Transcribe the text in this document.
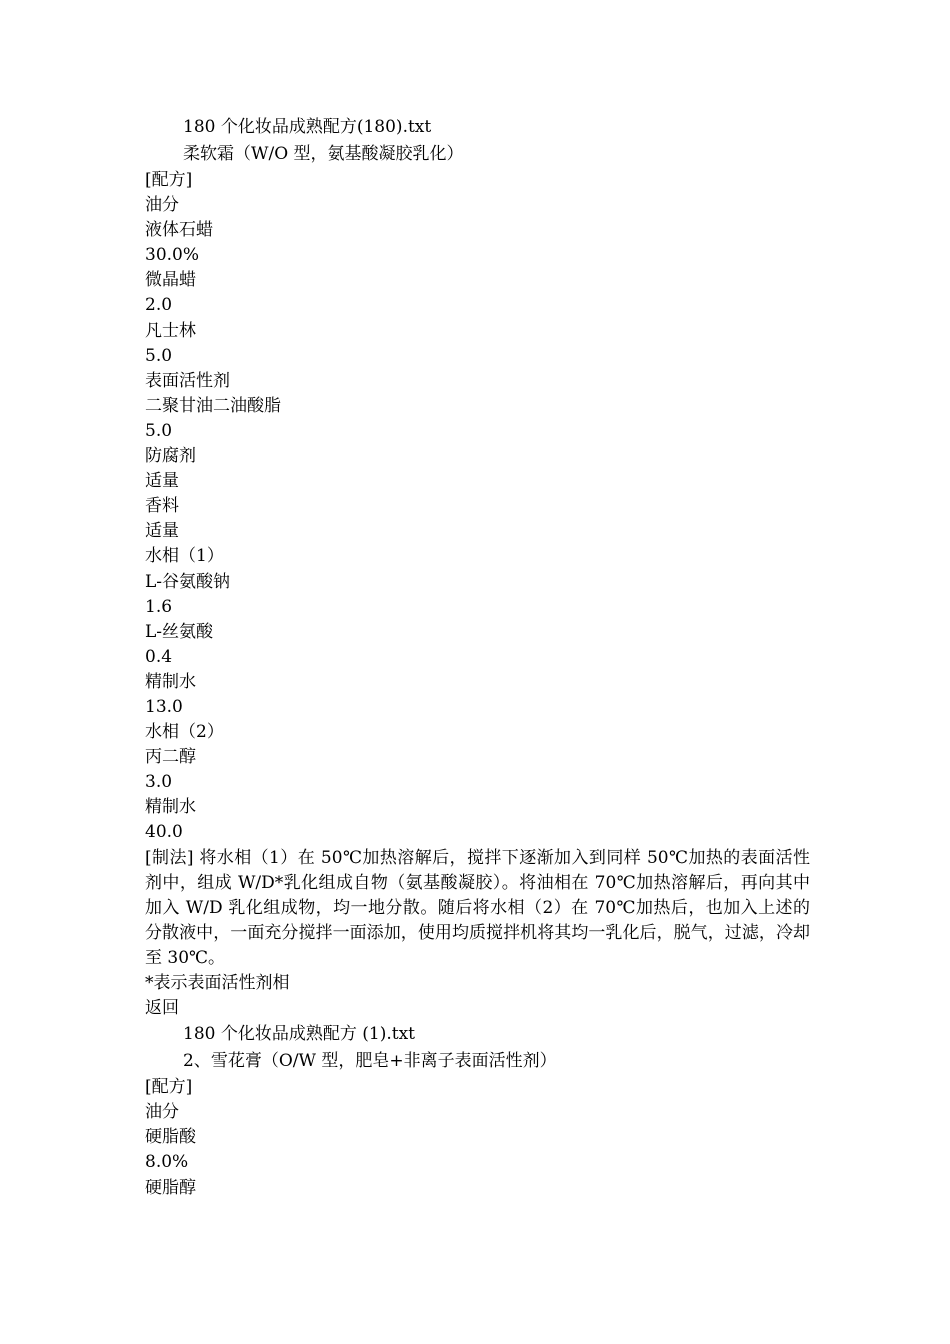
180 个化妆品成熟配方(180).txt
柔软霜（W/O 型，氨基酸凝胶乳化）
[配方]
油分
液体石蜡
30.0%
微晶蜡
2.0
凡士林
5.0
表面活性剂
二聚甘油二油酸脂
5.0
防腐剂
适量
香料
适量
水相（1）
L-谷氨酸钠
1.6
L-丝氨酸
0.4
精制水
13.0
水相（2）
丙二醇
3.0
精制水
40.0
[制法] 将水相（1）在 50℃加热溶解后，搅拌下逐渐加入到同样 50℃加热的表面活性剂中，组成 W/D*乳化组成自物（氨基酸凝胶）。将油相在 70℃加热溶解后，再向其中加入 W/D 乳化组成物，均一地分散。随后将水相（2）在 70℃加热后，也加入上述的分散液中，一面充分搅拌一面添加，使用均质搅拌机将其均一乳化后，脱气，过滤，冷却至 30℃。
*表示表面活性剂相
返回
180 个化妆品成熟配方 (1).txt
2、雪花膏（O/W 型，肥皂+非离子表面活性剂）
[配方]
油分
硬脂酸
8.0%
硬脂醇
